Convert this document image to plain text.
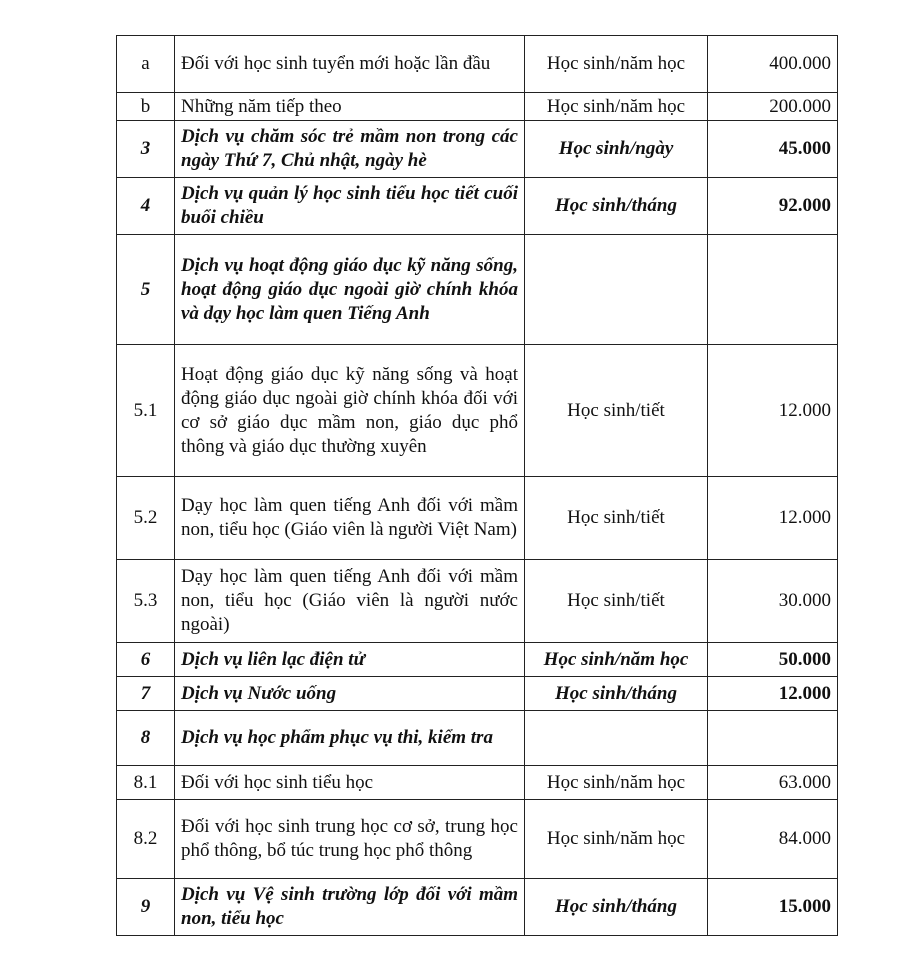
a	Đối với học sinh tuyển mới hoặc lần đầu	Học sinh/năm học	400.000
b	Những năm tiếp theo	Học sinh/năm học	200.000
3	Dịch vụ chăm sóc trẻ mầm non trong các ngày Thứ 7, Chủ nhật, ngày hè	Học sinh/ngày	45.000
4	Dịch vụ quản lý học sinh tiểu học tiết cuối buổi chiều	Học sinh/tháng	92.000
5	Dịch vụ hoạt động giáo dục kỹ năng sống, hoạt động giáo dục ngoài giờ chính khóa và dạy học làm quen Tiếng Anh		
5.1	Hoạt động giáo dục kỹ năng sống và hoạt động giáo dục ngoài giờ chính khóa đối với cơ sở giáo dục mầm non, giáo dục phổ thông và giáo dục thường xuyên	Học sinh/tiết	12.000
5.2	Dạy học làm quen tiếng Anh đối với mầm non, tiểu học (Giáo viên là người Việt Nam)	Học sinh/tiết	12.000
5.3	Dạy học làm quen tiếng Anh đối với mầm non, tiểu học (Giáo viên là người nước ngoài)	Học sinh/tiết	30.000
6	Dịch vụ liên lạc điện tử	Học sinh/năm học	50.000
7	Dịch vụ Nước uống	Học sinh/tháng	12.000
8	Dịch vụ học phẩm phục vụ thi, kiểm tra		
8.1	Đối với học sinh tiểu học	Học sinh/năm học	63.000
8.2	Đối với học sinh trung học cơ sở, trung học phổ thông, bổ túc trung học phổ thông	Học sinh/năm học	84.000
9	Dịch vụ Vệ sinh trường lớp đối với mầm non, tiểu học	Học sinh/tháng	15.000
